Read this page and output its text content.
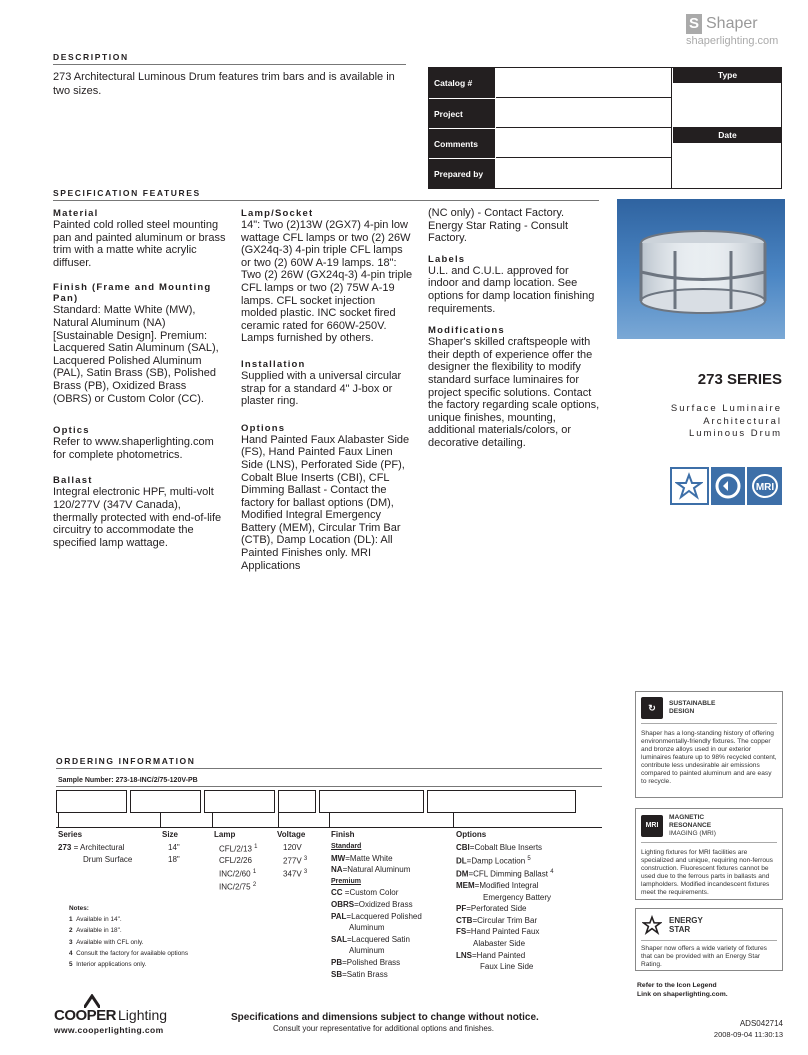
S Shaper
shaperlighting.com
DESCRIPTION
273 Architectural Luminous Drum features trim bars and is available in two sizes.
Catalog #
Project
Comments
Prepared by
Type
Date
SPECIFICATION FEATURES
Material

Painted cold rolled steel mounting pan and painted aluminum or brass trim with a matte white acrylic diffuser.

Finish (Frame and Mounting Pan)

Standard: Matte White (MW), Natural Aluminum (NA) [Sustainable Design]. Premium: Lacquered Satin Aluminum (SAL), Lacquered Polished Aluminum (PAL), Satin Brass (SB), Polished Brass (PB), Oxidized Brass (OBRS) or Custom Color (CC).

Optics

Refer to www.shaperlighting.com for complete photometrics.

Ballast

Integral electronic HPF, multi-volt 120/277V (347V Canada), thermally protected with end-of-life circuitry to accommodate the specified lamp wattage.

Lamp/Socket

14": Two (2)13W (2GX7) 4-pin low wattage CFL lamps or two (2) 26W (GX24q-3) 4-pin triple CFL lamps or two (2) 60W A-19 lamps. 18": Two (2) 26W (GX24q-3) 4-pin triple CFL lamps or two (2) 75W A-19 lamps. CFL socket injection molded plastic. INC socket fired ceramic rated for 660W-250V. Lamps furnished by others.

Installation

Supplied with a universal circular strap for a standard 4" J-box or plaster ring.

Options

Hand Painted Faux Alabaster Side (FS), Hand Painted Faux Linen Side (LNS), Perforated Side (PF), Cobalt Blue Inserts (CBI), CFL Dimming Ballast - Contact the factory for ballast options (DM), Modified Integral Emergency Battery (MEM), Circular Trim Bar (CTB), Damp Location (DL): All Painted Finishes only. MRI Applications

(NC only) - Contact Factory. Energy Star Rating - Consult Factory.

Labels

U.L. and C.U.L. approved for indoor and damp location. See options for damp location finishing requirements.

Modifications

Shaper's skilled craftspeople with their depth of experience offer the designer the flexibility to modify standard surface luminaires for project specific solutions. Contact the factory regarding scale options, unique finishes, mounting, additional materials/colors, or decorative detailing.

273 SERIES
Surface Luminaire
Architectural
Luminous Drum
MRI
↻	SUSTAINABLE
DESIGN
Shaper has a long-standing history of offering environmentally-friendly fixtures. The copper and bronze alloys used in our exterior luminaires feature up to 98% recycled content, contribute less undesirable air emissions compared to painted aluminum and are easy to recycle.
MRI
MAGNETIC
RESONANCE
IMAGING (MRI)
Lighting fixtures for MRI facilities are specialized and unique, requiring non-ferrous construction. Fluorescent fixtures cannot be used due to the ferrous parts in ballasts and lampholders. Modified incandescent fixtures meet the requirements.
ENERGY
STAR
Shaper now offers a wide variety of fixtures that can be provided with an Energy Star Rating.
Refer to the Icon Legend
Link on shaperlighting.com.
ORDERING INFORMATION
Sample Number: 273-18-INC/2/75-120V-PB
Series
273 = Architectural
Drum Surface
Size
14"
18"
Lamp
CFL/2/13 $^1$
CFL/2/26
INC/2/60 $^1$
INC/2/75 $^2$
Voltage
120V
277V $^3$
347V $^3$
Finish
Standard
MW=Matte White
NA=Natural Aluminum
Premium
CC =Custom Color
OBRS=Oxidized Brass
PAL=Lacquered Polished
Aluminum
SAL=Lacquered Satin
Aluminum
PB=Polished Brass
SB=Satin Brass
Options
CBI=Cobalt Blue Inserts
DL=Damp Location $^5$
DM=CFL Dimming Ballast $^4$
MEM=Modified Integral
Emergency Battery
PF=Perforated Side
CTB=Circular Trim Bar
FS=Hand Painted Faux
Alabaster Side
LNS=Hand Painted
Faux Line Side
Notes:
1 Available in 14".
2 Available in 18".
3 Available with CFL only.
4 Consult the factory for available options
5 Interior applications only.
COOPER Lighting
www.cooperlighting.com
Specifications and dimensions subject to change without notice.
Consult your representative for additional options and finishes.
ADS042714
2008-09-04 11:30:13
